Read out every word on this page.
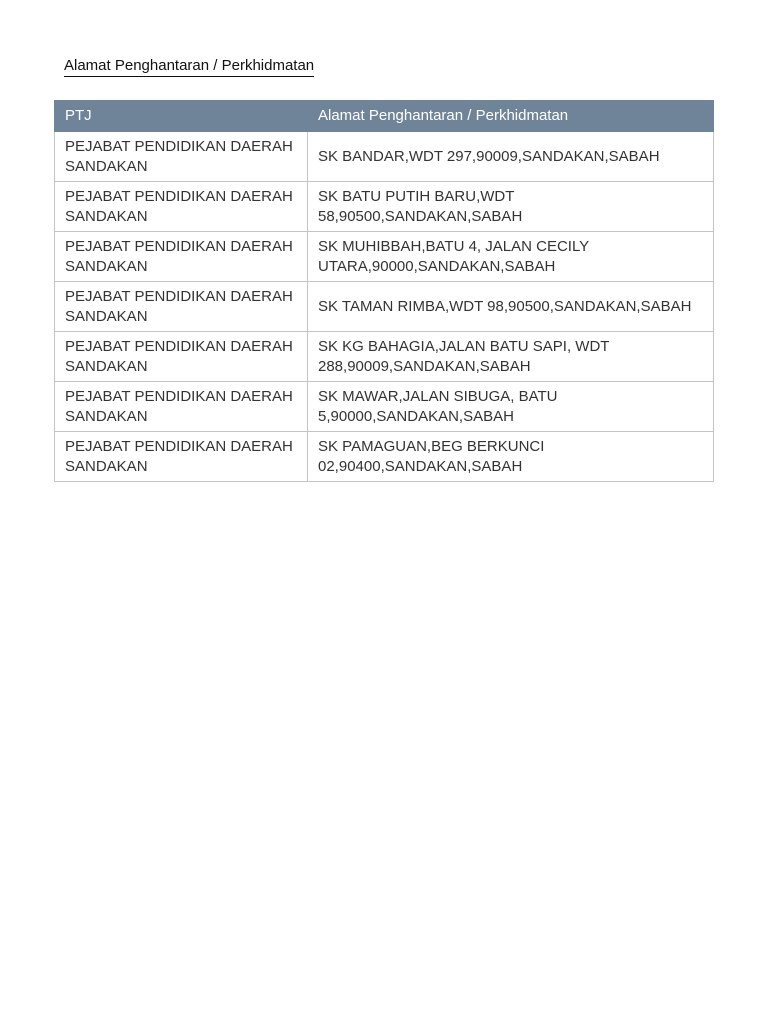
Alamat Penghantaran / Perkhidmatan
PTJ	Alamat Penghantaran / Perkhidmatan
PEJABAT PENDIDIKAN DAERAH SANDAKAN	SK BANDAR,WDT 297,90009,SANDAKAN,SABAH
PEJABAT PENDIDIKAN DAERAH SANDAKAN	SK BATU PUTIH BARU,WDT 58,90500,SANDAKAN,SABAH
PEJABAT PENDIDIKAN DAERAH SANDAKAN	SK MUHIBBAH,BATU 4, JALAN CECILY UTARA,90000,SANDAKAN,SABAH
PEJABAT PENDIDIKAN DAERAH SANDAKAN	SK TAMAN RIMBA,WDT 98,90500,SANDAKAN,SABAH
PEJABAT PENDIDIKAN DAERAH SANDAKAN	SK KG BAHAGIA,JALAN BATU SAPI, WDT 288,90009,SANDAKAN,SABAH
PEJABAT PENDIDIKAN DAERAH SANDAKAN	SK MAWAR,JALAN SIBUGA, BATU 5,90000,SANDAKAN,SABAH
PEJABAT PENDIDIKAN DAERAH SANDAKAN	SK PAMAGUAN,BEG BERKUNCI 02,90400,SANDAKAN,SABAH
